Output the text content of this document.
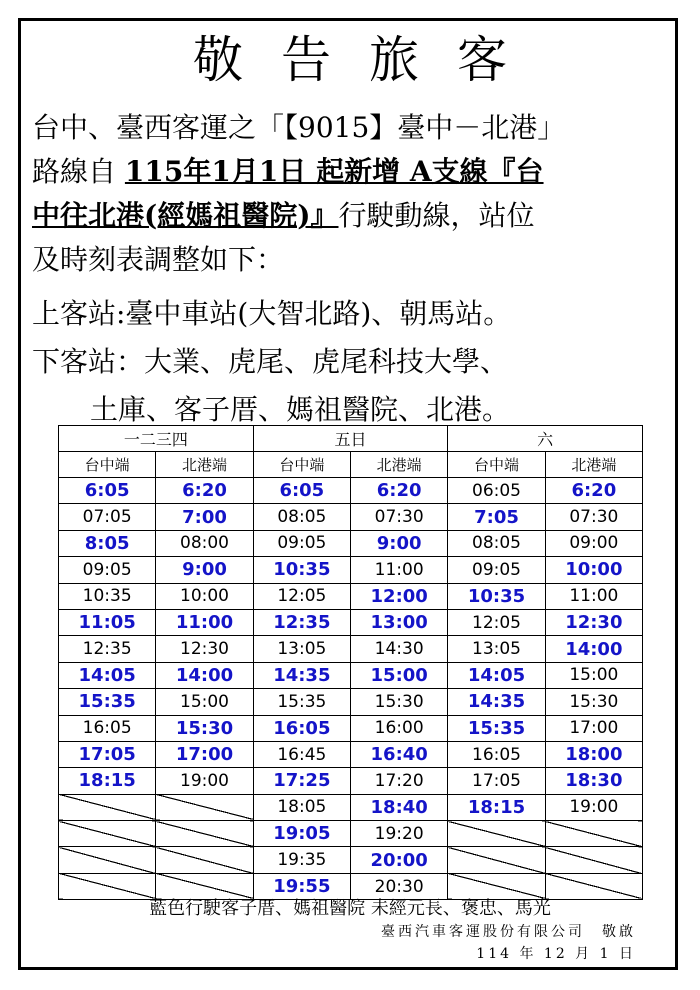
敬告旅客
台中、臺西客運之「【9015】臺中－北港」
路線自 115年1月1日 起新增 A支線『台
中往北港(經媽祖醫院)』行駛動線，站位
及時刻表調整如下：
上客站:臺中車站(大智北路)、朝馬站。
下客站：大業、虎尾、虎尾科技大學、
土庫、客子厝、媽祖醫院、北港。
一二三四		五日		六	
台中端	北港端	台中端	北港端	台中端	北港端
6:05	6:20	6:05	6:20	06:05	6:20
07:05	7:00	08:05	07:30	7:05	07:30
8:05	08:00	09:05	9:00	08:05	09:00
09:05	9:00	10:35	11:00	09:05	10:00
10:35	10:00	12:05	12:00	10:35	11:00
11:05	11:00	12:35	13:00	12:05	12:30
12:35	12:30	13:05	14:30	13:05	14:00
14:05	14:00	14:35	15:00	14:05	15:00
15:35	15:00	15:35	15:30	14:35	15:30
16:05	15:30	16:05	16:00	15:35	17:00
17:05	17:00	16:45	16:40	16:05	18:00
18:15	19:00	17:25	17:20	17:05	18:30
		18:05	18:40	18:15	19:00
		19:05	19:20		
		19:35	20:00		
		19:55	20:30		
藍色行駛客子厝、媽祖醫院 未經元長、褒忠、馬光
臺西汽車客運股份有限公司　敬啟
114 年 12 月 1 日
